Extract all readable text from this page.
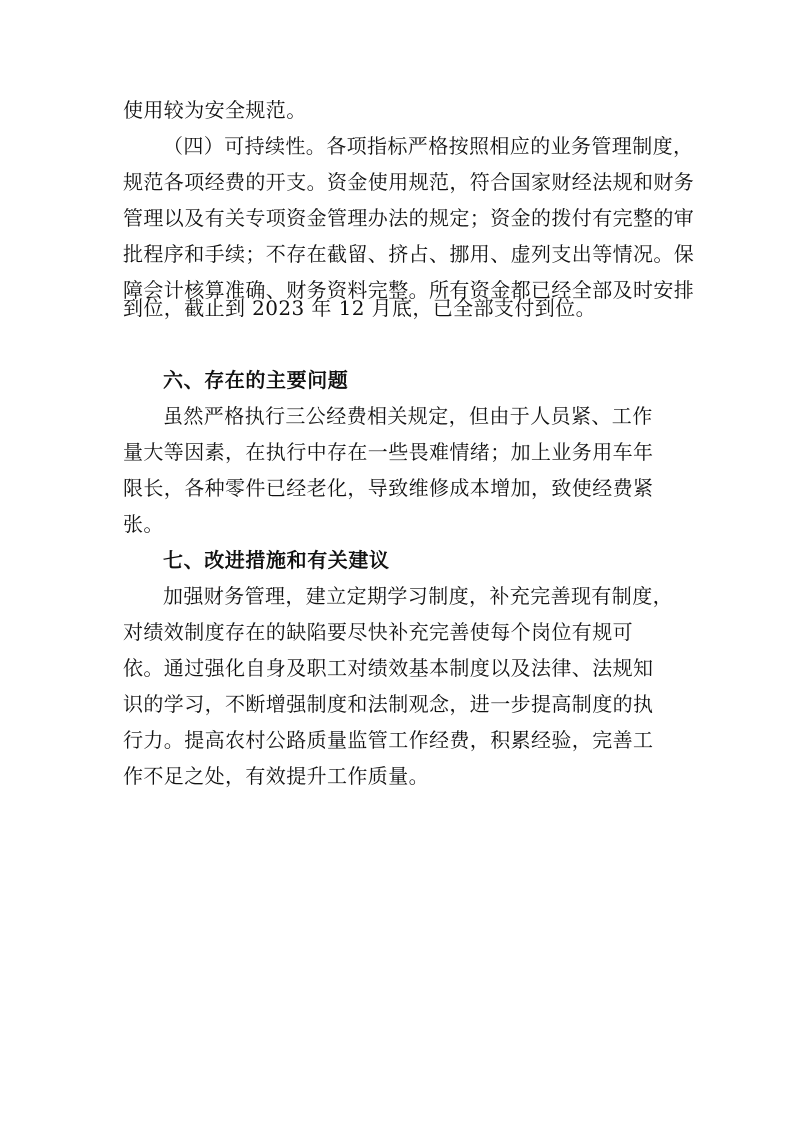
使用较为安全规范。
（四）可持续性。各项指标严格按照相应的业务管理制度，
规范各项经费的开支。资金使用规范，符合国家财经法规和财务
管理以及有关专项资金管理办法的规定；资金的拨付有完整的审
批程序和手续；不存在截留、挤占、挪用、虚列支出等情况。保
障会计核算准确、财务资料完整。所有资金都已经全部及时安排
到位，截止到 2023 年 12 月底，已全部支付到位。
六、存在的主要问题
虽然严格执行三公经费相关规定，但由于人员紧、工作
量大等因素，在执行中存在一些畏难情绪；加上业务用车年
限长，各种零件已经老化，导致维修成本增加，致使经费紧
张。
七、改进措施和有关建议
加强财务管理，建立定期学习制度，补充完善现有制度，
对绩效制度存在的缺陷要尽快补充完善使每个岗位有规可
依。通过强化自身及职工对绩效基本制度以及法律、法规知
识的学习，不断增强制度和法制观念，进一步提高制度的执
行力。提高农村公路质量监管工作经费，积累经验，完善工
作不足之处，有效提升工作质量。
